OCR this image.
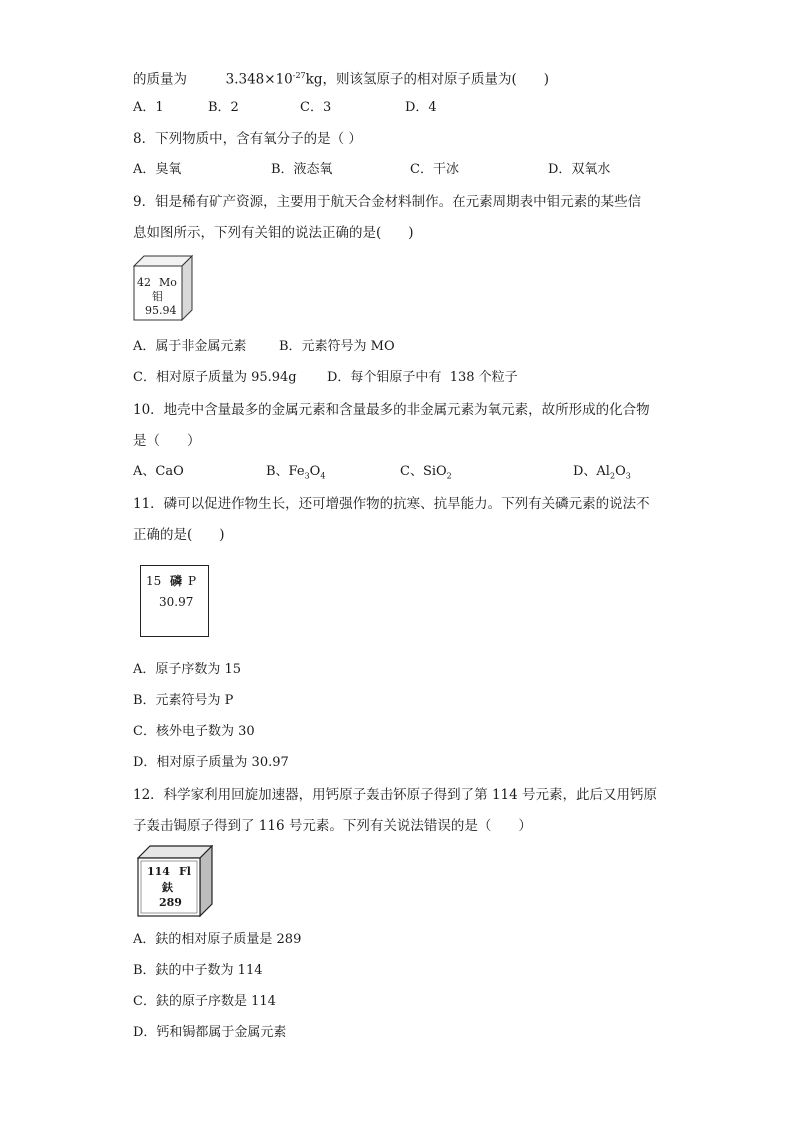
的质量为	$3.348\times 10^{-27}kg$，则该氢原子的相对原子质量为(　　)
A．1	B．2	C．3	D．4
8．下列物质中，含有氧分子的是（ ）
A．臭氧	B．液态氧	C．干冰	D．双氧水
9．钼是稀有矿产资源，主要用于航天合金材料制作。在元素周期表中钼元素的某些信
息如图所示，下列有关钼的说法正确的是(　　)
42 Mo
钼
95.94
A．属于非金属元素	B．元素符号为 MO
C．相对原子质量为 95.94g D．每个钼原子中有  138 个粒子
10．地壳中含量最多的金属元素和含量最多的非金属元素为氧元素，故所形成的化合物
是（　　）
A、CaO	B、$Fe_3O_4$	C、SiO$_2$	D、$Al_2O_3$
11．磷可以促进作物生长，还可增强作物的抗寒、抗旱能力。下列有关磷元素的说法不
正确的是(　　)
15 磷 P
30.97
A．原子序数为 15
B．元素符号为 P
C．核外电子数为 30
D．相对原子质量为 30.97
12．科学家利用回旋加速器，用钙原子轰击钚原子得到了第 114 号元素，此后又用钙原
子轰击锔原子得到了 116 号元素。下列有关说法错误的是（　　）
114 Fl
鈇
289
A．鈇的相对原子质量是 289
B．鈇的中子数为 114
C．鈇的原子序数是 114
D．钙和锔都属于金属元素
